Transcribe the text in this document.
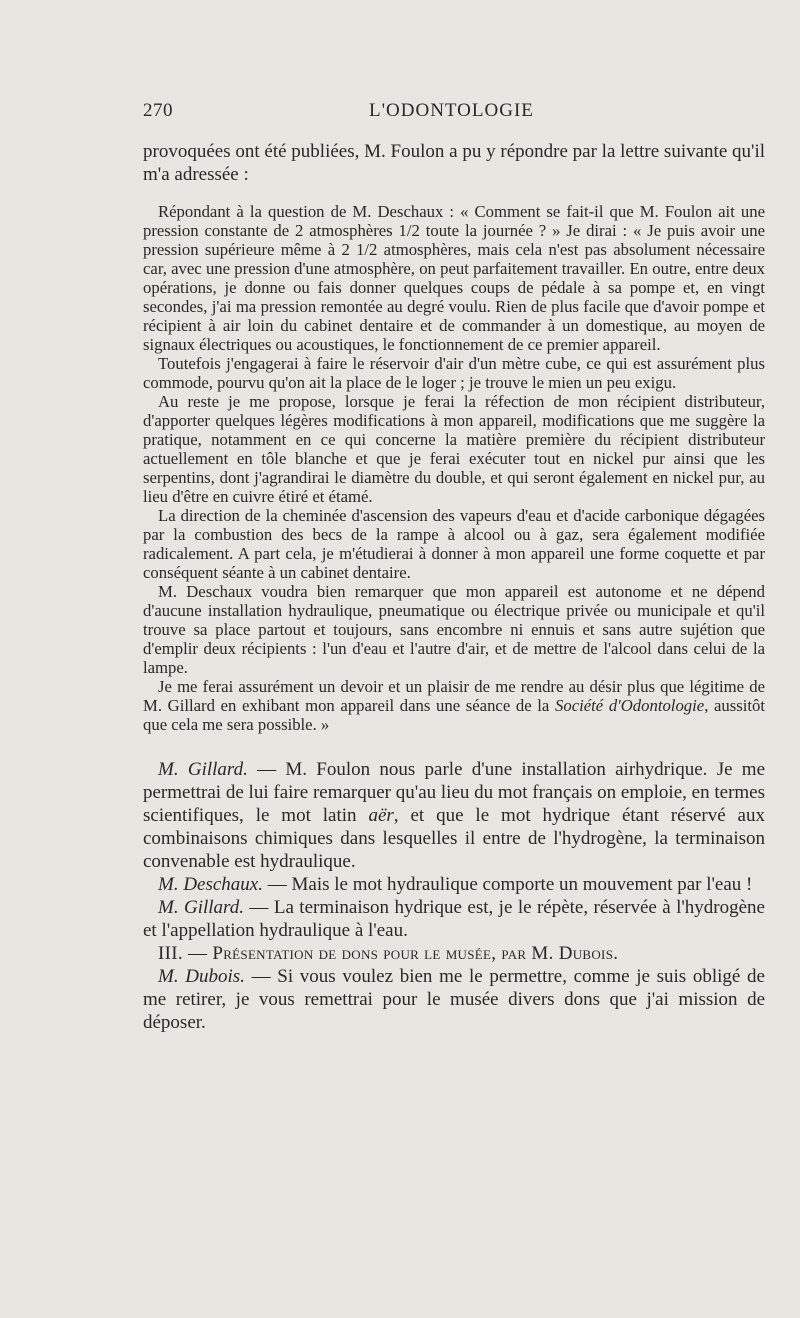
270	L'ODONTOLOGIE

provoquées ont été publiées, M. Foulon a pu y répondre par la lettre suivante qu'il m'a adressée :

Répondant à la question de M. Deschaux : « Comment se fait-il que M. Foulon ait une pression constante de 2 atmosphères 1/2 toute la journée ? » Je dirai : « Je puis avoir une pression supérieure même à 2 1/2 atmosphères, mais cela n'est pas absolument nécessaire car, avec une pression d'une atmosphère, on peut parfaitement travailler. En outre, entre deux opérations, je donne ou fais donner quelques coups de pédale à sa pompe et, en vingt secondes, j'ai ma pression remontée au degré voulu. Rien de plus facile que d'avoir pompe et récipient à air loin du cabinet dentaire et de commander à un domestique, au moyen de signaux électriques ou acoustiques, le fonctionnement de ce premier appareil.

Toutefois j'engagerai à faire le réservoir d'air d'un mètre cube, ce qui est assurément plus commode, pourvu qu'on ait la place de le loger ; je trouve le mien un peu exigu.

Au reste je me propose, lorsque je ferai la réfection de mon récipient distributeur, d'apporter quelques légères modifications à mon appareil, modifications que me suggère la pratique, notamment en ce qui concerne la matière première du récipient distributeur actuellement en tôle blanche et que je ferai exécuter tout en nickel pur ainsi que les serpentins, dont j'agrandirai le diamètre du double, et qui seront également en nickel pur, au lieu d'être en cuivre étiré et étamé.

La direction de la cheminée d'ascension des vapeurs d'eau et d'acide carbonique dégagées par la combustion des becs de la rampe à alcool ou à gaz, sera également modifiée radicalement. A part cela, je m'étudierai à donner à mon appareil une forme coquette et par conséquent séante à un cabinet dentaire.

M. Deschaux voudra bien remarquer que mon appareil est autonome et ne dépend d'aucune installation hydraulique, pneumatique ou électrique privée ou municipale et qu'il trouve sa place partout et toujours, sans encombre ni ennuis et sans autre sujétion que d'emplir deux récipients : l'un d'eau et l'autre d'air, et de mettre de l'alcool dans celui de la lampe.

Je me ferai assurément un devoir et un plaisir de me rendre au désir plus que légitime de M. Gillard en exhibant mon appareil dans une séance de la Société d'Odontologie, aussitôt que cela me sera possible. »

M. Gillard. — M. Foulon nous parle d'une installation airhydrique. Je me permettrai de lui faire remarquer qu'au lieu du mot français on emploie, en termes scientifiques, le mot latin aër, et que le mot hydrique étant réservé aux combinaisons chimiques dans lesquelles il entre de l'hydrogène, la terminaison convenable est hydraulique.

M. Deschaux. — Mais le mot hydraulique comporte un mouvement par l'eau !

M. Gillard. — La terminaison hydrique est, je le répète, réservée à l'hydrogène et l'appellation hydraulique à l'eau.

III. — Présentation de dons pour le musée, par M. Dubois.

M. Dubois. — Si vous voulez bien me le permettre, comme je suis obligé de me retirer, je vous remettrai pour le musée divers dons que j'ai mission de déposer.
